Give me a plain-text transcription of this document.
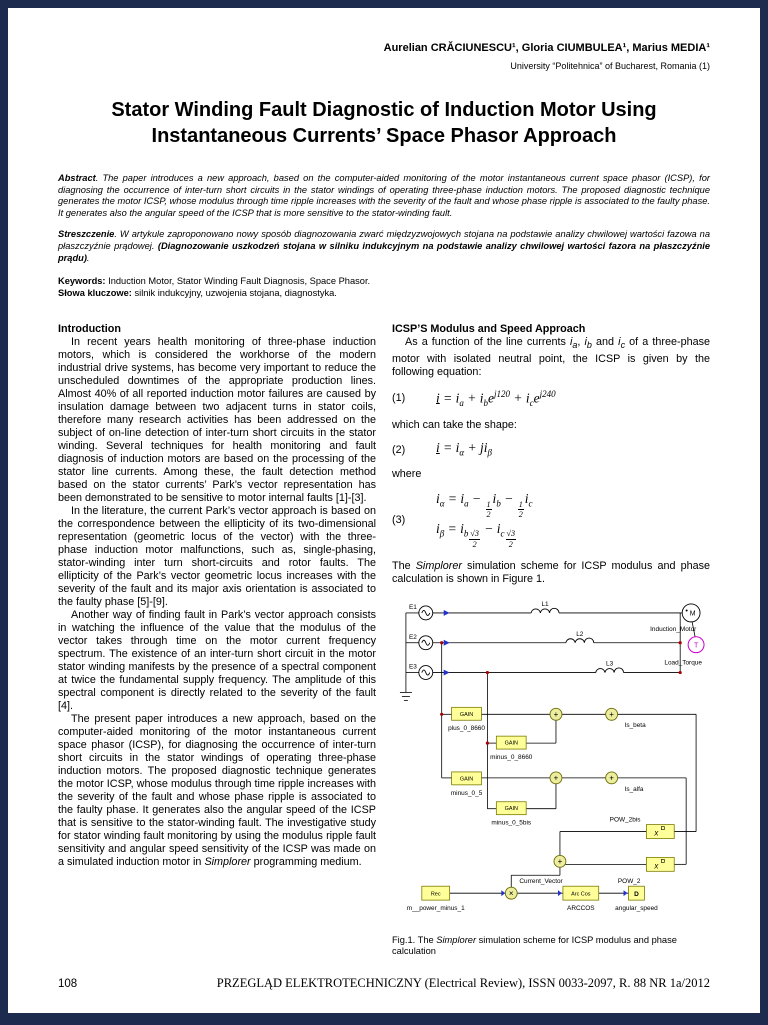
Aurelian CRĂCIUNESCU¹, Gloria CIUMBULEA¹, Marius MEDIA¹
University “Politehnica” of Bucharest, Romania (1)
Stator Winding Fault Diagnostic of Induction Motor Using
Instantaneous Currents’ Space Phasor Approach
Abstract. The paper introduces a new approach, based on the computer-aided monitoring of the motor instantaneous current space phasor (ICSP), for diagnosing the occurrence of inter-turn short circuits in the stator windings of operating three-phase induction motors. The proposed diagnostic technique generates the motor ICSP, whose modulus through time ripple increases with the severity of the fault and whose phase ripple is associated to the faulty phase. It generates also the angular speed of the ICSP that is more sensitive to the stator-winding fault.
Streszczenie. W artykule zaproponowano nowy sposób diagnozowania zwarć międzyzwojowych stojana na podstawie analizy chwilowej wartości fazowa na płaszczyźnie prądowej. (Diagnozowanie uszkodzeń stojana w silniku indukcyjnym na podstawie analizy chwilowej wartości fazora na płaszczyźnie prądu).
Keywords: Induction Motor, Stator Winding Fault Diagnosis, Space Phasor.
Słowa kluczowe: silnik indukcyjny, uzwojenia stojana, diagnostyka.
Introduction

In recent years health monitoring of three-phase induction motors, which is considered the workhorse of the modern industrial drive systems, has become very important to reduce the unscheduled downtimes of the appropriate production lines. Almost 40% of all reported induction motor failures are caused by insulation damage between two adjacent turns in stator coils, therefore many research activities has been addressed on the subject of on-line detection of inter-turn short circuits in the stator winding. Several techniques for health monitoring and fault diagnosis of induction motors are based on the processing of the stator line currents. Among these, the fault detection method based on the stator currents’ Park’s vector representation has been demonstrated to be sensitive to motor internal faults [1]-[3].

In the literature, the current Park’s vector approach is based on the correspondence between the ellipticity of its two-dimensional representation (geometric locus of the vector) with the three-phase induction motor malfunctions, such as, single-phasing, stator-winding inter turn short-circuits and rotor faults. The ellipticity of the Park’s vector geometric locus increases with the severity of the fault and its major axis orientation is associated to the faulty phase [5]-[9].

Another way of finding fault in Park’s vector approach consists in watching the influence of the value that the modulus of the vector takes through time on the motor current frequency spectrum. The existence of an inter-turn short circuit in the motor stator winding manifests by the presence of a spectral component at twice the fundamental supply frequency. The amplitude of this spectral component is directly related to the severity of the fault [4].

The present paper introduces a new approach, based on the computer-aided monitoring of the motor instantaneous current space phasor (ICSP), for diagnosing the occurrence of inter-turn short circuits in the stator windings of operating three-phase induction motors. The proposed diagnostic technique generates the motor ICSP, whose modulus through time ripple increases with the severity of the fault and whose phase ripple is associated to the faulty phase. It generates also the angular speed of the ICSP that is sensitive to the stator-winding fault. The investigative study for stator winding fault monitoring by using the modulus ripple fault sensitivity and angular speed sensitivity of the ICSP was made on a simulated induction motor in Simplorer programming medium.

ICSP’S Modulus and Speed Approach

As a function of the line currents $i_a$, $i_b$ and $i_c$ of a three-phase motor with isolated neutral point, the ICSP is given by the following equation:

(1)	$i = i_a + i_be^{j120} + i_ce^{j240}$

which can take the shape:

(2)	$i = i_\alpha + ji_\beta$

where

(3)
$i_\alpha = i_a$ −
$\frac{1}{2}$
$i_b$ −
$\frac{1}{2}$
$i_c$
$i_\beta = i_b \frac{√3}{2}$
− $i_c \frac{√3}{2}$

The Simplorer simulation scheme for ICSP modulus and phase calculation is shown in Figure 1.

GAIN
GAIN
GAIN
GAIN
Rec	Arc Cos
x
x
D
+	+
+	+
+
×
M
T
E1
E2
E3
L1
L2
L3
Induction_Motor
Load_Torque
plus_0_8660
minus_0_8660
Is_beta
minus_0_5
minus_0_5bis
Is_alfa
POW_2bis
POW_2
Current_Vector
m__power_minus_1	ARCCOS	angular_speed
Fig.1. The Simplorer simulation scheme for ICSP modulus and phase calculation
108	PRZEGLĄD ELEKTROTECHNICZNY (Electrical Review), ISSN 0033-2097, R. 88 NR 1a/2012
